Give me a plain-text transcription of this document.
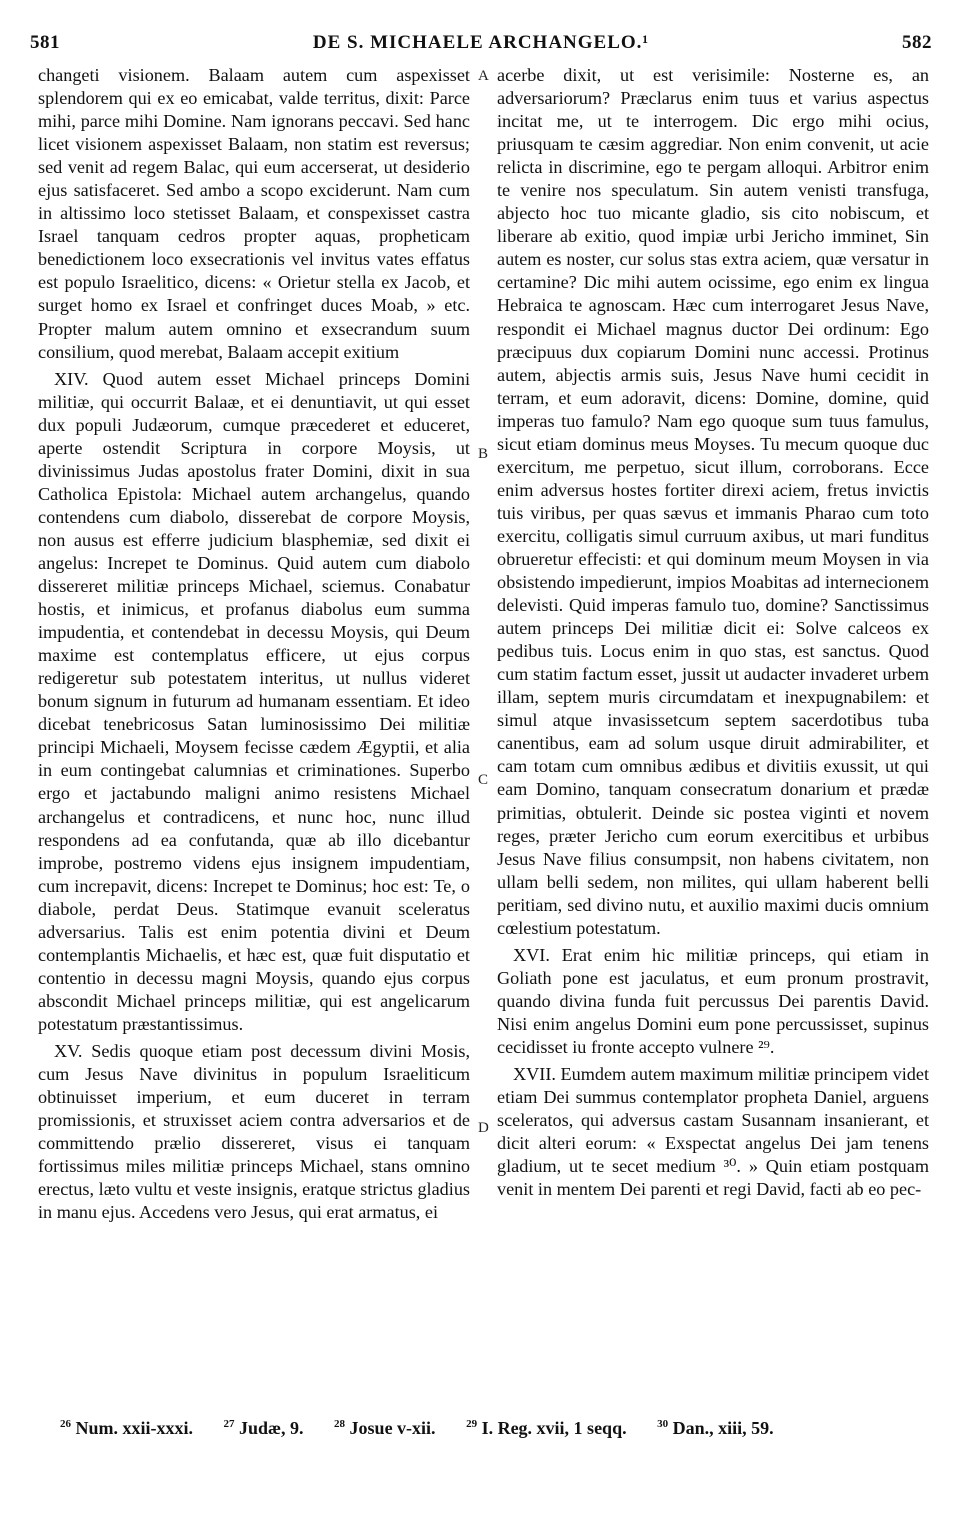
581	DE S. MICHAELE ARCHANGELO.¹	582

changeti visionem. Balaam autem cum aspexisset splendorem qui ex eo emicabat, valde territus, dixit: Parce mihi, parce mihi Domine. Nam ignorans peccavi. Sed hanc licet visionem aspexisset Balaam, non statim est reversus; sed venit ad regem Balac, qui eum accerserat, ut desiderio ejus satisfaceret. Sed ambo a scopo exciderunt. Nam cum in altissimo loco stetisset Balaam, et conspexisset castra Israel tanquam cedros propter aquas, propheticam benedictionem loco exsecrationis vel invitus vates effatus est populo Israelitico, dicens: « Orietur stella ex Jacob, et surget homo ex Israel et confringet duces Moab, » etc. Propter malum autem omnino et exsecrandum suum consilium, quod merebat, Balaam accepit exitium

XIV. Quod autem esset Michael princeps Domini militiæ, qui occurrit Balaæ, et ei denuntiavit, ut qui esset dux populi Judæorum, cumque præcederet et educeret, aperte ostendit Scriptura in corpore Moysis, ut divinissimus Judas apostolus frater Domini, dixit in sua Catholica Epistola: Michael autem archangelus, quando contendens cum diabolo, disserebat de corpore Moysis, non ausus est efferre judicium blasphemiæ, sed dixit ei angelus: Increpet te Dominus. Quid autem cum diabolo dissereret militiæ princeps Michael, sciemus. Conabatur hostis, et inimicus, et profanus diabolus eum summa impudentia, et contendebat in decessu Moysis, qui Deum maxime est contemplatus efficere, ut ejus corpus redigeretur sub potestatem interitus, ut nullus videret bonum signum in futurum ad humanam essentiam. Et ideo dicebat tenebricosus Satan luminosissimo Dei militiæ principi Michaeli, Moysem fecisse cædem Ægyptii, et alia in eum contingebat calumnias et criminationes. Superbo ergo et jactabundo maligni animo resistens Michael archangelus et contradicens, et nunc hoc, nunc illud respondens ad ea confutanda, quæ ab illo dicebantur improbe, postremo videns ejus insignem impudentiam, cum increpavit, dicens: Increpet te Dominus; hoc est: Te, o diabole, perdat Deus. Statimque evanuit sceleratus adversarius. Talis est enim potentia divini et Deum contemplantis Michaelis, et hæc est, quæ fuit disputatio et contentio in decessu magni Moysis, quando ejus corpus abscondit Michael princeps militiæ, qui est angelicarum potestatum præstantissimus.

XV. Sedis quoque etiam post decessum divini Mosis, cum Jesus Nave divinitus in populum Israeliticum obtinuisset imperium, et eum duceret in terram promissionis, et struxisset aciem contra adversarios et de committendo prælio dissereret, visus ei tanquam fortissimus miles militiæ princeps Michael, stans omnino erectus, læto vultu et veste insignis, eratque strictus gladius in manu ejus. Accedens vero Jesus, qui erat armatus, ei

A
B
C
D

acerbe dixit, ut est verisimile: Nosterne es, an adversariorum? Præclarus enim tuus et varius aspectus incitat me, ut te interrogem. Dic ergo mihi ocius, priusquam te cæsim aggrediar. Non enim convenit, ut acie relicta in discrimine, ego te pergam alloqui. Arbitror enim te venire nos speculatum. Sin autem venisti transfuga, abjecto hoc tuo micante gladio, sis cito nobiscum, et liberare ab exitio, quod impiæ urbi Jericho imminet, Sin autem es noster, cur solus stas extra aciem, quæ versatur in certamine? Dic mihi autem ocissime, ego enim ex lingua Hebraica te agnoscam. Hæc cum interrogaret Jesus Nave, respondit ei Michael magnus ductor Dei ordinum: Ego præcipuus dux copiarum Domini nunc accessi. Protinus autem, abjectis armis suis, Jesus Nave humi cecidit in terram, et eum adoravit, dicens: Domine, domine, quid imperas tuo famulo? Nam ego quoque sum tuus famulus, sicut etiam dominus meus Moyses. Tu mecum quoque duc exercitum, me perpetuo, sicut illum, corroborans. Ecce enim adversus hostes fortiter direxi aciem, fretus invictis tuis viribus, per quas sævus et immanis Pharao cum toto exercitu, colligatis simul curruum axibus, ut mari funditus obrueretur effecisti: et qui dominum meum Moysen in via obsistendo impedierunt, impios Moabitas ad internecionem delevisti. Quid imperas famulo tuo, domine? Sanctissimus autem princeps Dei militiæ dicit ei: Solve calceos ex pedibus tuis. Locus enim in quo stas, est sanctus. Quod cum statim factum esset, jussit ut audacter invaderet urbem illam, septem muris circumdatam et inexpugnabilem: et simul atque invasissetcum septem sacerdotibus tuba canentibus, eam ad solum usque diruit admirabiliter, et cam totam cum omnibus ædibus et divitiis exussit, ut qui eam Domino, tanquam consecratum donarium et prædæ primitias, obtulerit. Deinde sic postea viginti et novem reges, præter Jericho cum eorum exercitibus et urbibus Jesus Nave filius consumpsit, non habens civitatem, non ullam belli sedem, non milites, qui ullam haberent belli peritiam, sed divino nutu, et auxilio maximi ducis omnium cœlestium potestatum.

XVI. Erat enim hic militiæ princeps, qui etiam in Goliath pone est jaculatus, et eum pronum prostravit, quando divina funda fuit percussus Dei parentis David. Nisi enim angelus Domini eum pone percussisset, supinus cecidisset iu fronte accepto vulnere ²⁹.

XVII. Eumdem autem maximum militiæ principem videt etiam Dei summus contemplator propheta Daniel, arguens sceleratos, qui adversus castam Susannam insanierant, et dicit alteri eorum: « Exspectat angelus Dei jam tenens gladium, ut te secet medium ³⁰. » Quin etiam postquam venit in mentem Dei parenti et regi David, facti ab eo pec-

$^{26}$ Num. xxii-xxxi.	$^{27}$ Judæ, 9.	$^{28}$ Josue v-xii.	$^{29}$ I. Reg. xvii, 1 seqq.	$^{30}$ Dan., xiii, 59.
